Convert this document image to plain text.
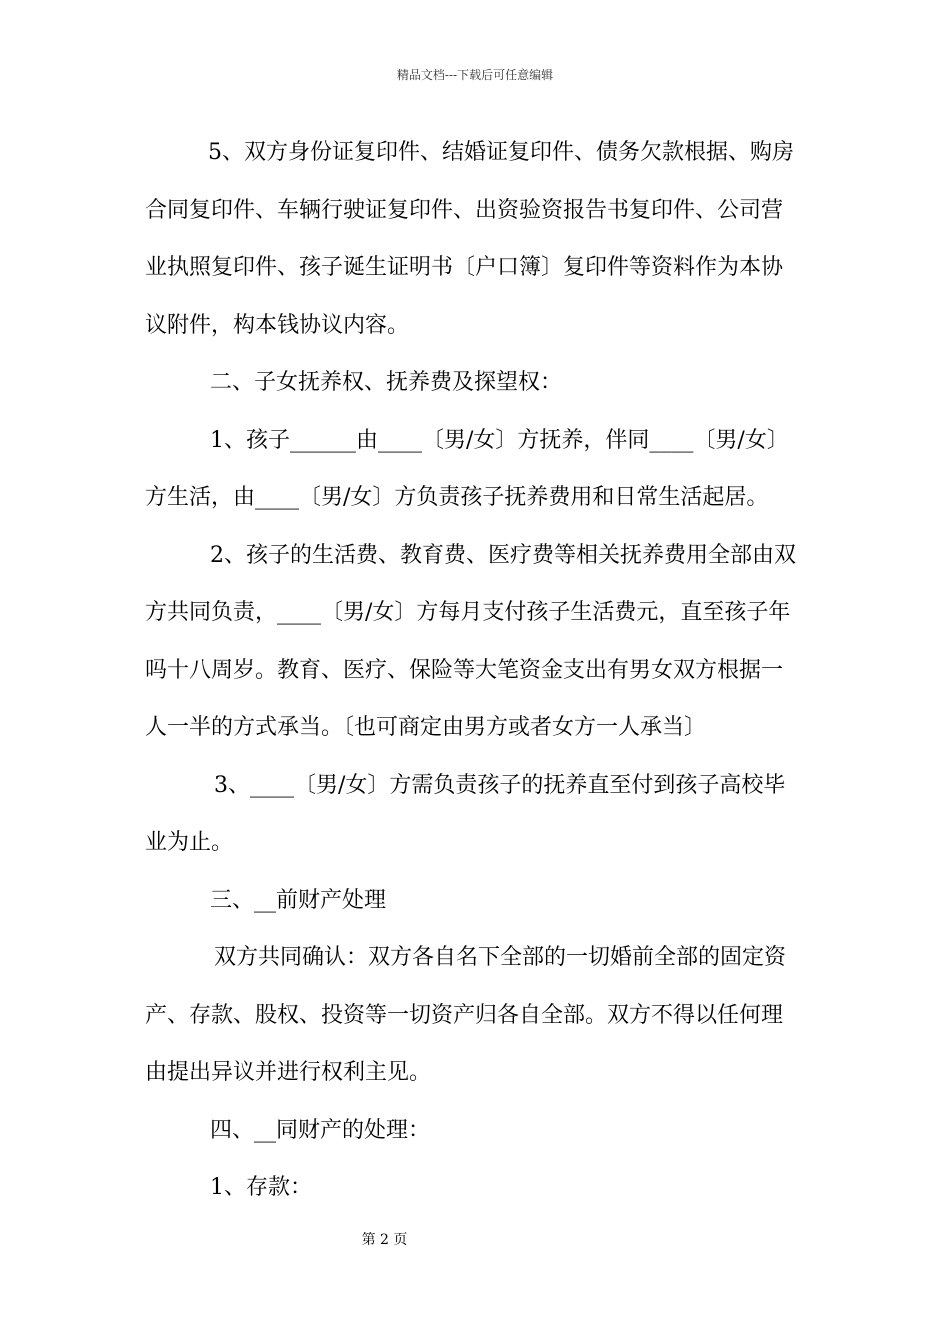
精品文档---下载后可任意编辑
5、双方身份证复印件、结婚证复印件、债务欠款根据、购房
合同复印件、车辆行驶证复印件、出资验资报告书复印件、公司营
业执照复印件、孩子诞生证明书〔户口簿〕复印件等资料作为本协
议附件，构本钱协议内容。
二、子女抚养权、抚养费及探望权：
1、孩子______由____〔男/女〕方抚养，伴同____〔男/女〕
方生活，由____〔男/女〕方负责孩子抚养费用和日常生活起居。
2、孩子的生活费、教育费、医疗费等相关抚养费用全部由双
方共同负责，____〔男/女〕方每月支付孩子生活费元，直至孩子年
吗十八周岁。教育、医疗、保险等大笔资金支出有男女双方根据一
人一半的方式承当。〔也可商定由男方或者女方一人承当〕
3、____〔男/女〕方需负责孩子的抚养直至付到孩子高校毕
业为止。
三、__前财产处理
双方共同确认：双方各自名下全部的一切婚前全部的固定资
产、存款、股权、投资等一切资产归各自全部。双方不得以任何理
由提出异议并进行权利主见。
四、__同财产的处理：
1、存款：
第 2 页
